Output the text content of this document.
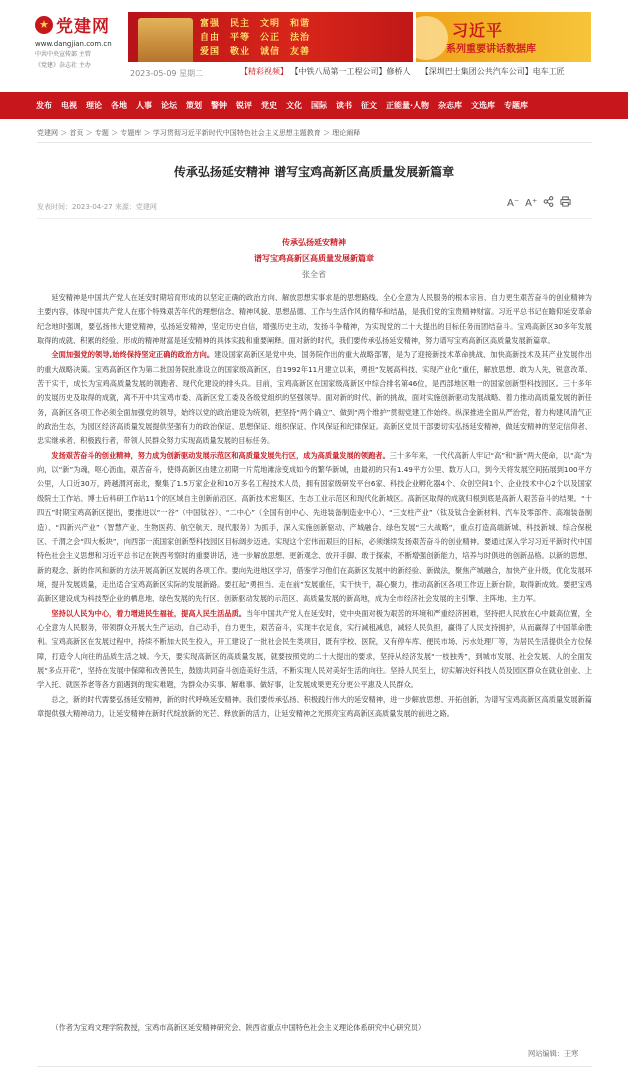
★ 党建网
www.dangjian.com.cn
中共中央宣传部 主管
《党建》杂志社 主办
富强	民主	文明	和谐
自由	平等	公正	法治
爱国	敬业	诚信	友善
习近平
系列重要讲话数据库
2023-05-09 星期二	【精彩视频】 【中铁八局第一工程公司】修桥人 【深圳巴士集团公共汽车公司】电车工匠
发布 电视 理论 各地 人事 论坛 策划 警钟 锐评 党史 文化 国际 读书 征文 正能量·人物 杂志库 文选库 专题库
党建网 ＞ 首页 ＞ 专题 ＞ 专题库 ＞ 学习贯彻习近平新时代中国特色社会主义思想主题教育 ＞ 理论阐释
传承弘扬延安精神 谱写宝鸡高新区高质量发展新篇章
发表时间：2023-04-27 来源：党建网	A⁻ A⁺
传承弘扬延安精神
谱写宝鸡高新区高质量发展新篇章
张全省

延安精神是中国共产党人在延安时期培育形成的以坚定正确的政治方向、解放思想实事求是的思想路线、全心全意为人民服务的根本宗旨、自力更生艰苦奋斗的创业精神为主要内容，体现中国共产党人在那个特殊艰苦年代的理想信念、精神风貌、思想品德、工作与生活作风的精华和结晶，是我们党的宝贵精神财富。习近平总书记在瞻仰延安革命纪念地时强调，要弘扬伟大建党精神，弘扬延安精神，坚定历史自信，增强历史主动，发扬斗争精神，为实现党的二十大提出的目标任务而团结奋斗。宝鸡高新区30多年发展取得的成就、积累的经验、形成的精神财富是延安精神的具体实践和重要阐释。面对新的时代，我们要传承弘扬延安精神，努力谱写宝鸡高新区高质量发展新篇章。

全面加强党的领导,始终保持坚定正确的政治方向。建设国家高新区是党中央、国务院作出的重大战略部署，是为了迎接新技术革命挑战、加快高新技术及其产业发展作出的重大战略决策。宝鸡高新区作为第二批国务院批准设立的国家级高新区，自1992年11月建立以来，勇担“发展高科技、实现产业化”重任，解放思想、敢为人先，锐意改革、苦干实干，成长为宝鸡高质量发展的领跑者、现代化建设的排头兵。目前，宝鸡高新区在国家级高新区中综合排名第46位，是西部地区唯一的国家创新型科技园区。三十多年的发展历史及取得的成就，离不开中共宝鸡市委、高新区党工委及各级党组织的坚强领导。面对新的时代、新的挑战，面对实施创新驱动发展战略、着力推动高质量发展的新任务，高新区各项工作必须全面加强党的领导，始终以党的政治建设为统领，把坚持“两个确立”、做到“两个维护”贯彻党建工作始终。纵深推进全面从严治党，着力构建风清气正的政治生态，为园区经济高质量发展提供坚强有力的政治保证、思想保证、组织保证、作风保证和纪律保证。高新区党员干部要切实弘扬延安精神，做延安精神的坚定信仰者、忠实继承者、积极践行者，带领人民群众努力实现高质量发展的目标任务。

发扬艰苦奋斗的创业精神，努力成为创新驱动发展示范区和高质量发展先行区，成为高质量发展的领跑者。三十多年来，一代代高新人牢记“高”和“新”两大使命，以“高”为向，以“新”为魂，呕心沥血，艰苦奋斗，使得高新区由建立初期一片荒地滩涂变成如今的繁华新城，由最初的只有1.49平方公里、数万人口，到今天将发展空间拓展到100平方公里，人口近30万，跨越渭河南北，聚集了1.5万家企业和10万多名工程技术人员，拥有国家级研发平台6家、科技企业孵化器4个、众创空间1个、企业技术中心2个以及国家级院士工作站、博士后科研工作站11个的区域自主创新前沿区、高新技术密集区、生态工业示范区和现代化新城区。高新区取得的成就归根到底是高新人艰苦奋斗的结果。“十四五”时期宝鸡高新区提出，要推进以“一谷”（中国钛谷）、“二中心”（全国有创中心、先进装备制造业中心）、“三支柱产业”（钛及钛合金新材料、汽车及零部件、高端装备制造）、“四新兴产业”（智慧产业、生物医药、航空航天、现代服务）为抓手，深入实施创新驱动、产城融合、绿色发展“三大战略”，重点打造高端新城、科技新城、综合保税区、千渭之会“四大板块”，向西部一流国家创新型科技园区目标阔步迈进。实现这个宏伟而艰巨的目标，必须继续发扬艰苦奋斗的创业精神。要通过深入学习习近平新时代中国特色社会主义思想和习近平总书记在陕西考察时的重要讲话，进一步解放思想、更新观念、放开手脚、敢于探索，不断增强创新能力，培养与时俱进的创新品格。以新的思想、新的观念、新的作风和新的方法开展高新区发展的各项工作。要向先进地区学习，借鉴学习他们在高新区发展中的新经验、新做法，聚焦产城融合，加快产业升级，优化发展环境，提升发展质量，走出适合宝鸡高新区实际的发展新路。要扛起“勇担当、走在前”发展重任，实干快干，凝心聚力，推动高新区各项工作迈上新台阶，取得新成效。要把宝鸡高新区建设成为科技型企业的栖息地、绿色发展的先行区、创新驱动发展的示范区、高质量发展的新高地，成为全市经济社会发展的主引擎、主阵地、主力军。

坚持以人民为中心，着力增进民生福祉，提高人民生活品质。当年中国共产党人在延安时，党中央面对极为艰苦的环境和严重经济困难，坚持把人民放在心中最高位置，全心全意为人民服务，带领群众开展大生产运动，自己动手，自力更生，艰苦奋斗，实现丰衣足食，实行减租减息，减轻人民负担，赢得了人民支持拥护，从而赢得了中国革命胜利。宝鸡高新区在发展过程中，持续不断加大民生投入，开工建设了一批社会民生类项目，既有学校、医院，又有停车库、便民市场、污水处理厂等，为居民生活提供全方位保障，打造令人向往的品质生活之城。今天，要实现高新区的高质量发展，就要按照党的二十大提出的要求，坚持从经济发展“一枝独秀”，到城市发展、社会发展、人的全面发展“多点开花”，坚持在发展中保障和改善民生，鼓励共同奋斗创造美好生活，不断实现人民对美好生活的向往。坚持人民至上，切实解决好科技人员及园区群众在就业创业、上学入托、就医养老等各方面遇到的现实难题，为群众办实事、解难事、做好事，让发展成果更充分更公平惠及人民群众。

总之，新的时代需要弘扬延安精神，新的时代呼唤延安精神。我们要传承弘扬、积极践行伟大的延安精神，进一步解放思想、开拓创新，为谱写宝鸡高新区高质量发展新篇章提供强大精神动力，让延安精神在新时代绽放新的光芒、释放新的活力，让延安精神之光照亮宝鸡高新区高质量发展的前进之路。

（作者为宝鸡文理学院教授，宝鸡市高新区延安精神研究会、陕西省重点中国特色社会主义理论体系研究中心研究员）
网站编辑：王寒
